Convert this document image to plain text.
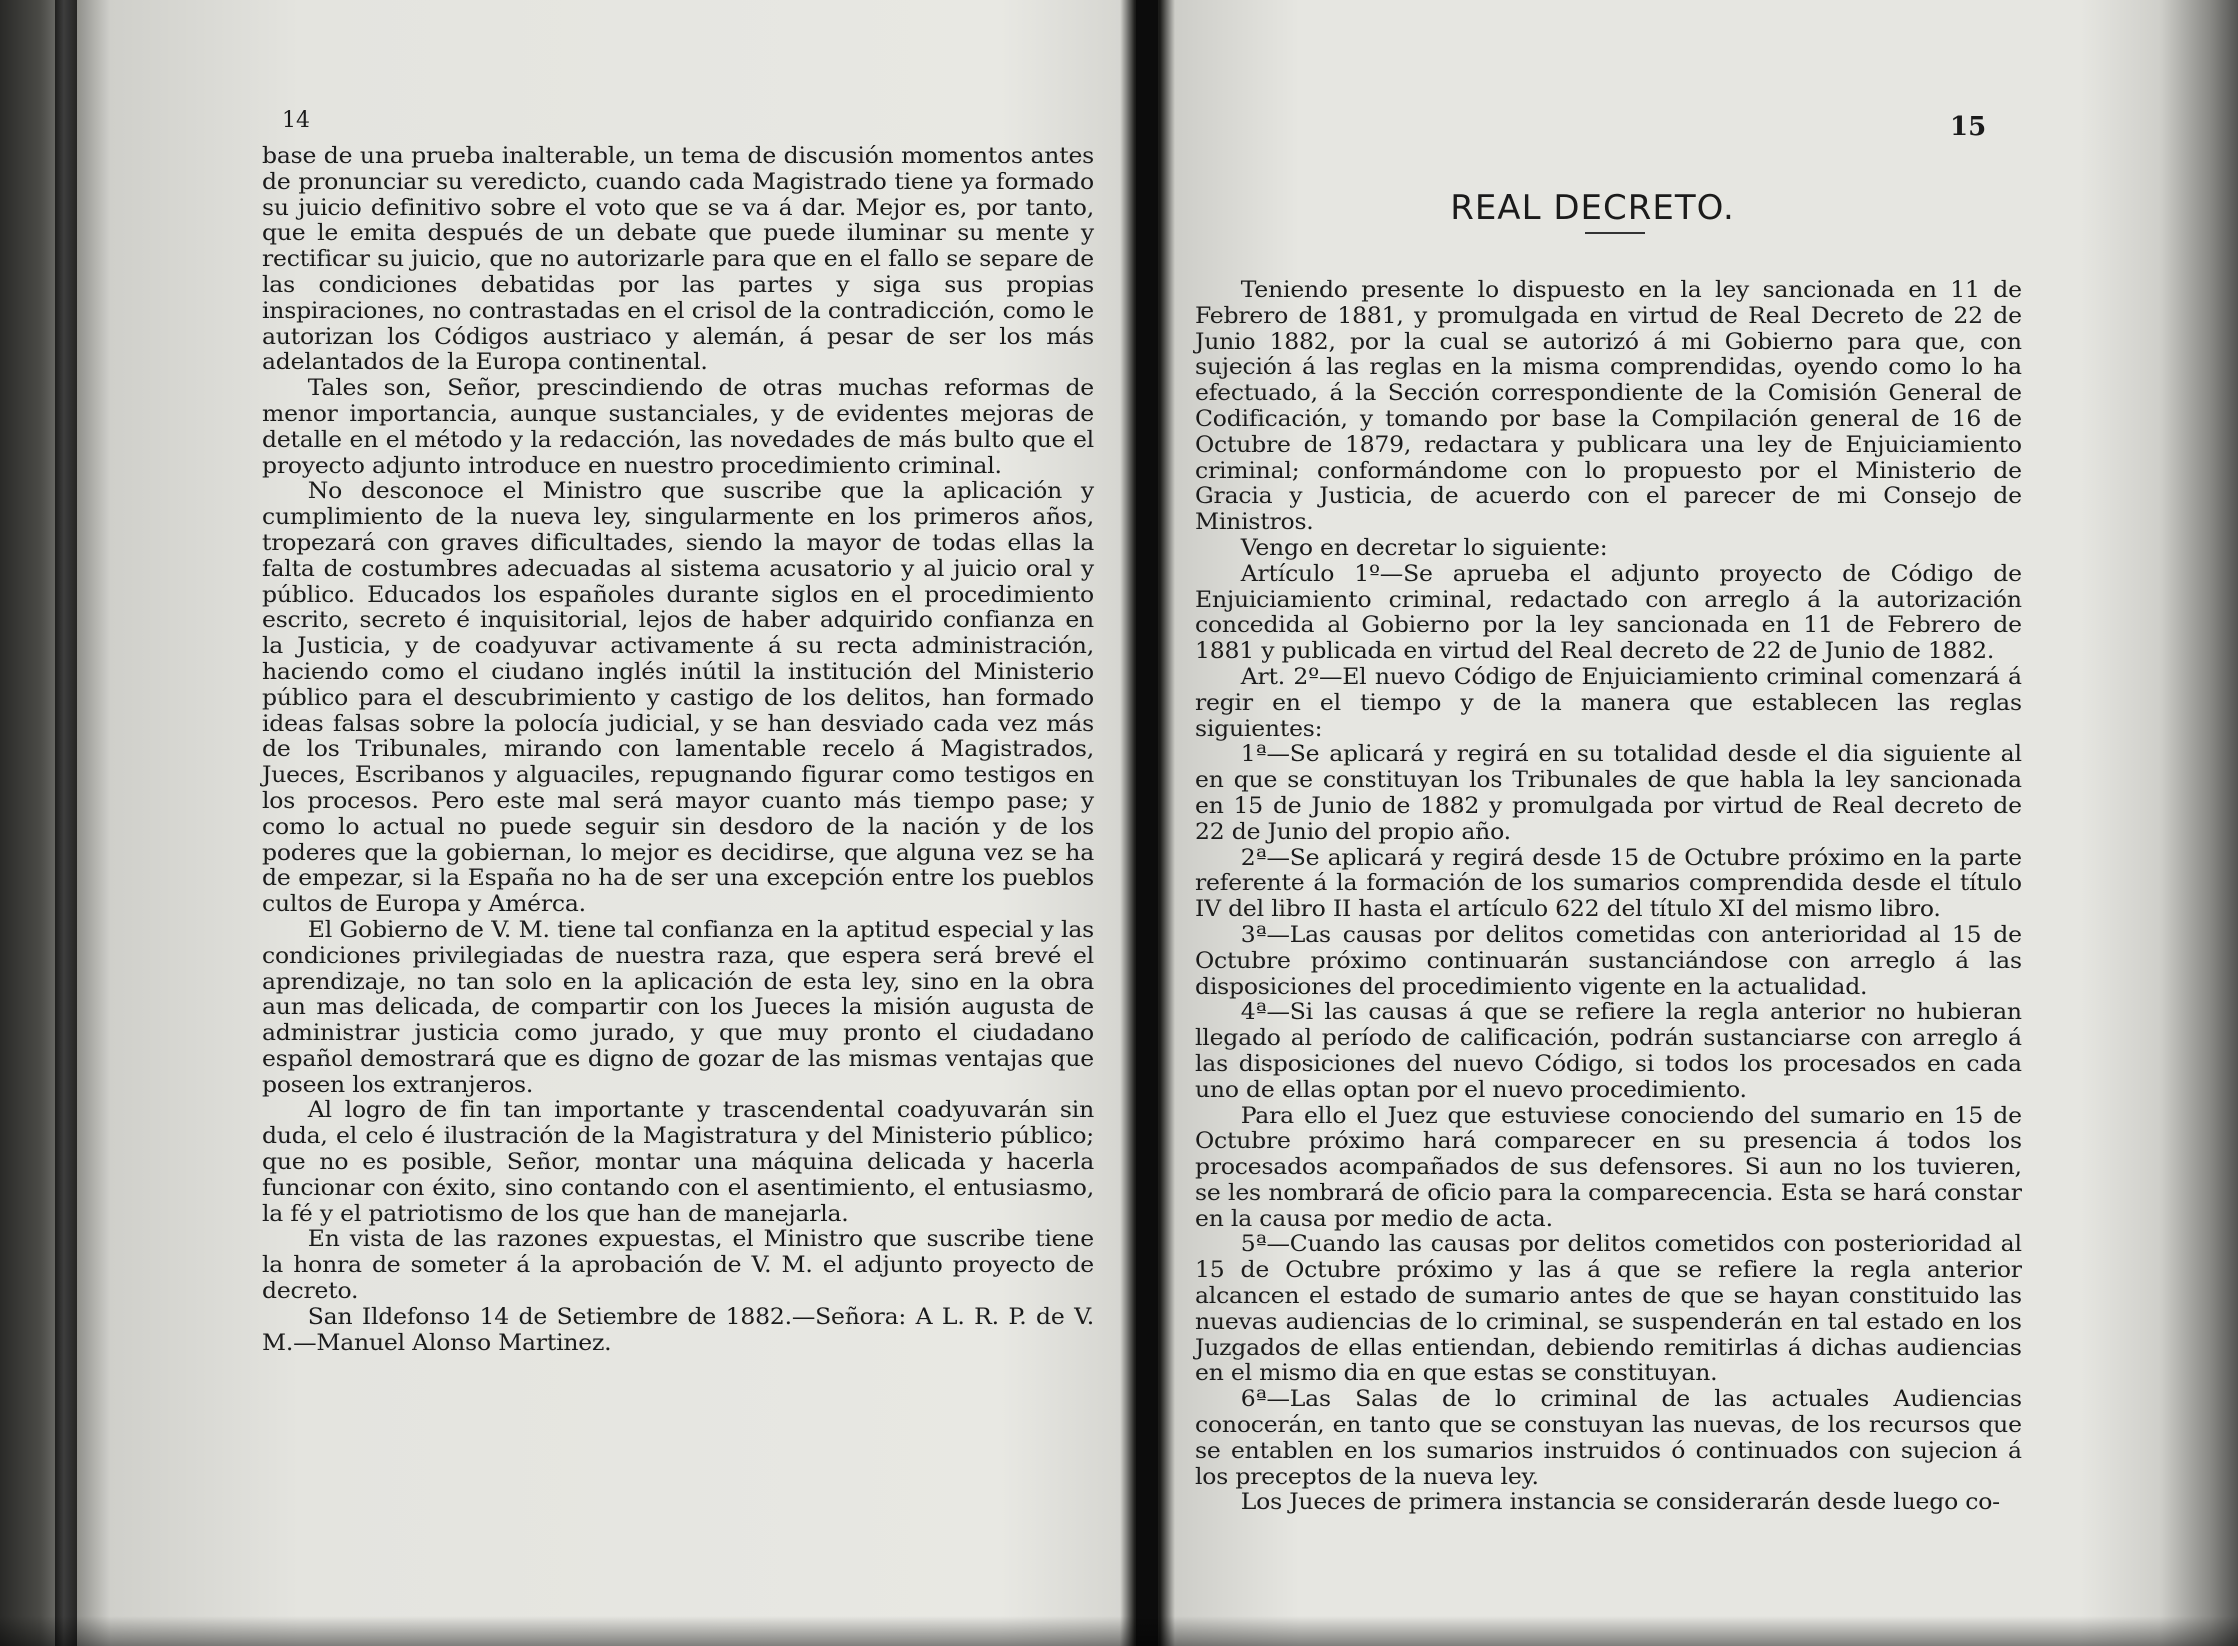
14

base de una prueba inalterable, un tema de discusión momentos antes de pronunciar su veredicto, cuando cada Magistrado tiene ya formado su juicio definitivo sobre el voto que se va á dar. Mejor es, por tanto, que le emita después de un debate que puede iluminar su mente y rectificar su juicio, que no autorizarle para que en el fallo se separe de las condiciones debatidas por las partes y siga sus propias inspiraciones, no contrastadas en el crisol de la contradicción, como le autorizan los Códigos austriaco y alemán, á pesar de ser los más adelantados de la Europa continental.

Tales son, Señor, prescindiendo de otras muchas reformas de menor importancia, aunque sustanciales, y de evidentes mejoras de detalle en el método y la redacción, las novedades de más bulto que el proyecto adjunto introduce en nuestro procedimiento criminal.

No desconoce el Ministro que suscribe que la aplicación y cumplimiento de la nueva ley, singularmente en los primeros años, tropezará con graves dificultades, siendo la mayor de todas ellas la falta de costumbres adecuadas al sistema acusatorio y al juicio oral y público. Educados los españoles durante siglos en el procedimiento escrito, secreto é inquisitorial, lejos de haber adquirido confianza en la Justicia, y de coadyuvar activamente á su recta administración, haciendo como el ciudano inglés inútil la institución del Ministerio público para el descubrimiento y castigo de los delitos, han formado ideas falsas sobre la polocía judicial, y se han desviado cada vez más de los Tribunales, mirando con lamentable recelo á Magistrados, Jueces, Escribanos y alguaciles, repugnando figurar como testigos en los procesos. Pero este mal será mayor cuanto más tiempo pase; y como lo actual no puede seguir sin desdoro de la nación y de los poderes que la gobiernan, lo mejor es decidirse, que alguna vez se ha de empezar, si la España no ha de ser una excepción entre los pueblos cultos de Europa y Amérca.

El Gobierno de V. M. tiene tal confianza en la aptitud especial y las condiciones privilegiadas de nuestra raza, que espera será brevé el aprendizaje, no tan solo en la aplicación de esta ley, sino en la obra aun mas delicada, de compartir con los Jueces la misión augusta de administrar justicia como jurado, y que muy pronto el ciudadano español demostrará que es digno de gozar de las mismas ventajas que poseen los extranjeros.

Al logro de fin tan importante y trascendental coadyuvarán sin duda, el celo é ilustración de la Magistratura y del Ministerio público; que no es posible, Señor, montar una máquina delicada y hacerla funcionar con éxito, sino contando con el asentimiento, el entusiasmo, la fé y el patriotismo de los que han de manejarla.

En vista de las razones expuestas, el Ministro que suscribe tiene la honra de someter á la aprobación de V. M. el adjunto proyecto de decreto.

San Ildefonso 14 de Setiembre de 1882.—Señora: A L. R. P. de V. M.—Manuel Alonso Martinez.

15
REAL DECRETO.

Teniendo presente lo dispuesto en la ley sancionada en 11 de Febrero de 1881, y promulgada en virtud de Real Decreto de 22 de Junio 1882, por la cual se autorizó á mi Gobierno para que, con sujeción á las reglas en la misma comprendidas, oyendo como lo ha efectuado, á la Sección correspondiente de la Comisión General de Codificación, y tomando por base la Compilación general de 16 de Octubre de 1879, redactara y publicara una ley de Enjuiciamiento criminal; conformándome con lo propuesto por el Ministerio de Gracia y Justicia, de acuerdo con el parecer de mi Consejo de Ministros.

Vengo en decretar lo siguiente:

Artículo 1º—Se aprueba el adjunto proyecto de Código de Enjuiciamiento criminal, redactado con arreglo á la autorización concedida al Gobierno por la ley sancionada en 11 de Febrero de 1881 y publicada en virtud del Real decreto de 22 de Junio de 1882.

Art. 2º—El nuevo Código de Enjuiciamiento criminal comenzará á regir en el tiempo y de la manera que establecen las reglas siguientes:

1ª—Se aplicará y regirá en su totalidad desde el dia siguiente al en que se constituyan los Tribunales de que habla la ley sancionada en 15 de Junio de 1882 y promulgada por virtud de Real decreto de 22 de Junio del propio año.

2ª—Se aplicará y regirá desde 15 de Octubre próximo en la parte referente á la formación de los sumarios comprendida desde el título IV del libro II hasta el artículo 622 del título XI del mismo libro.

3ª—Las causas por delitos cometidas con anterioridad al 15 de Octubre próximo continuarán sustanciándose con arreglo á las disposiciones del procedimiento vigente en la actualidad.

4ª—Si las causas á que se refiere la regla anterior no hubieran llegado al período de calificación, podrán sustanciarse con arreglo á las disposiciones del nuevo Código, si todos los procesados en cada uno de ellas optan por el nuevo procedimiento.

Para ello el Juez que estuviese conociendo del sumario en 15 de Octubre próximo hará comparecer en su presencia á todos los procesados acompañados de sus defensores. Si aun no los tuvieren, se les nombrará de oficio para la comparecencia. Esta se hará constar en la causa por medio de acta.

5ª—Cuando las causas por delitos cometidos con posterioridad al 15 de Octubre próximo y las á que se refiere la regla anterior alcancen el estado de sumario antes de que se hayan constituido las nuevas audiencias de lo criminal, se suspenderán en tal estado en los Juzgados de ellas entiendan, debiendo remitirlas á dichas audiencias en el mismo dia en que estas se constituyan.

6ª—Las Salas de lo criminal de las actuales Audiencias conocerán, en tanto que se constuyan las nuevas, de los recursos que se entablen en los sumarios instruidos ó continuados con sujecion á los preceptos de la nueva ley.

Los Jueces de primera instancia se considerarán desde luego co-
